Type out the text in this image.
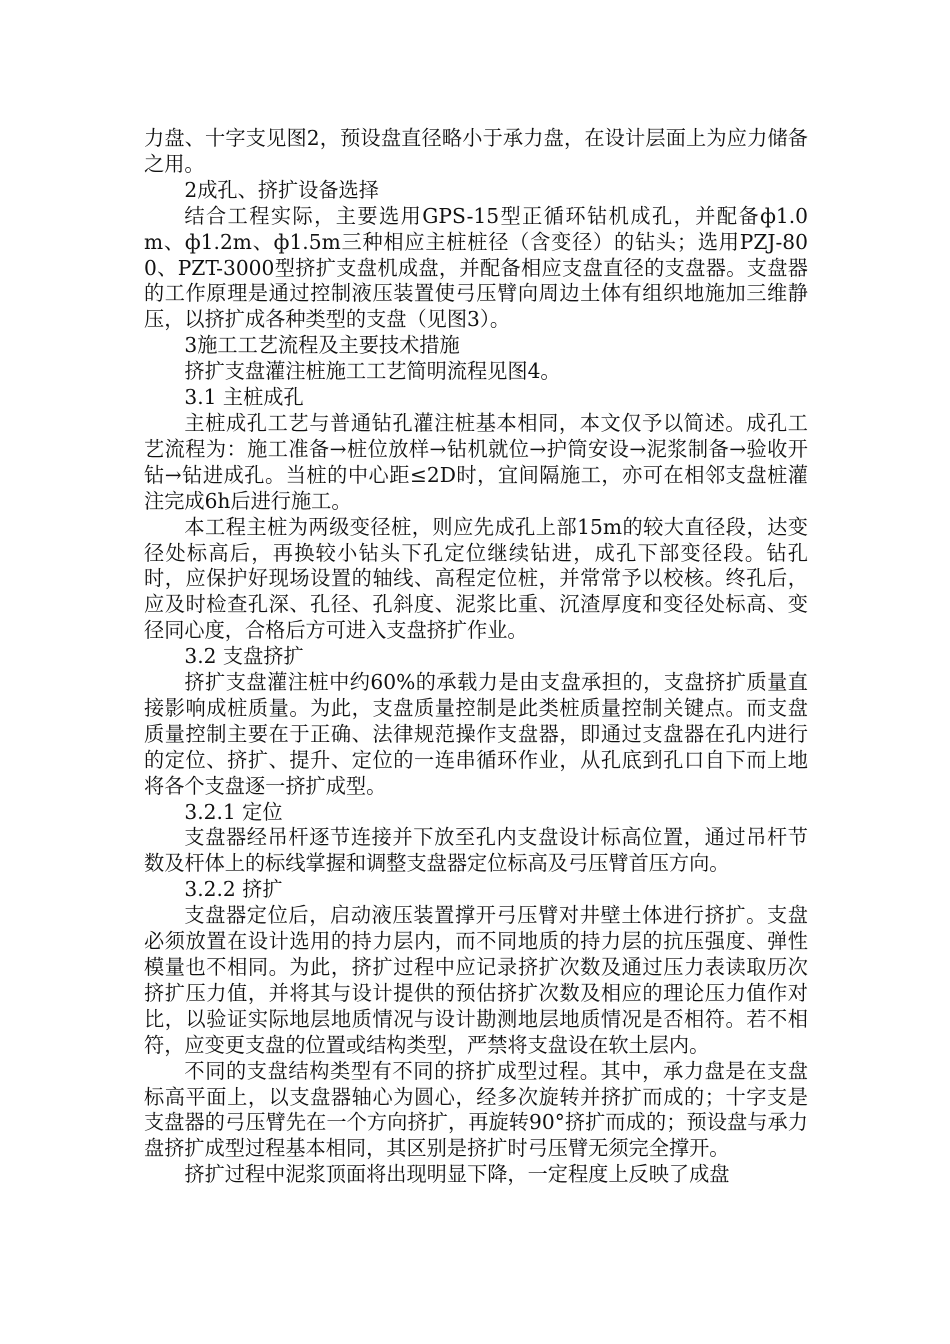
力盘、十字支见图2，预设盘直径略小于承力盘，在设计层面上为应力储备之用。

2成孔、挤扩设备选择

结合工程实际，主要选用GPS-15型正循环钻机成孔，并配备ф1.0m、ф1.2m、ф1.5m三种相应主桩桩径（含变径）的钻头；选用PZJ-800、PZT-3000型挤扩支盘机成盘，并配备相应支盘直径的支盘器。支盘器的工作原理是通过控制液压装置使弓压臂向周边土体有组织地施加三维静压，以挤扩成各种类型的支盘（见图3）。

3施工工艺流程及主要技术措施

挤扩支盘灌注桩施工工艺简明流程见图4。

3.1 主桩成孔

主桩成孔工艺与普通钻孔灌注桩基本相同，本文仅予以简述。成孔工艺流程为：施工准备→桩位放样→钻机就位→护筒安设→泥浆制备→验收开钻→钻进成孔。当桩的中心距≤2D时，宜间隔施工，亦可在相邻支盘桩灌注完成6h后进行施工。

本工程主桩为两级变径桩，则应先成孔上部15m的较大直径段，达变径处标高后，再换较小钻头下孔定位继续钻进，成孔下部变径段。钻孔时，应保护好现场设置的轴线、高程定位桩，并常常予以校核。终孔后，应及时检查孔深、孔径、孔斜度、泥浆比重、沉渣厚度和变径处标高、变径同心度，合格后方可进入支盘挤扩作业。

3.2 支盘挤扩

挤扩支盘灌注桩中约60%的承载力是由支盘承担的，支盘挤扩质量直接影响成桩质量。为此，支盘质量控制是此类桩质量控制关键点。而支盘质量控制主要在于正确、法律规范操作支盘器，即通过支盘器在孔内进行的定位、挤扩、提升、定位的一连串循环作业，从孔底到孔口自下而上地将各个支盘逐一挤扩成型。

3.2.1 定位

支盘器经吊杆逐节连接并下放至孔内支盘设计标高位置，通过吊杆节数及杆体上的标线掌握和调整支盘器定位标高及弓压臂首压方向。

3.2.2 挤扩

支盘器定位后，启动液压装置撑开弓压臂对井壁土体进行挤扩。支盘必须放置在设计选用的持力层内，而不同地质的持力层的抗压强度、弹性模量也不相同。为此，挤扩过程中应记录挤扩次数及通过压力表读取历次挤扩压力值，并将其与设计提供的预估挤扩次数及相应的理论压力值作对比，以验证实际地层地质情况与设计勘测地层地质情况是否相符。若不相符，应变更支盘的位置或结构类型，严禁将支盘设在软土层内。

不同的支盘结构类型有不同的挤扩成型过程。其中，承力盘是在支盘标高平面上，以支盘器轴心为圆心，经多次旋转并挤扩而成的；十字支是支盘器的弓压臂先在一个方向挤扩，再旋转90°挤扩而成的；预设盘与承力盘挤扩成型过程基本相同，其区别是挤扩时弓压臂无须完全撑开。

挤扩过程中泥浆顶面将出现明显下降，一定程度上反映了成盘
